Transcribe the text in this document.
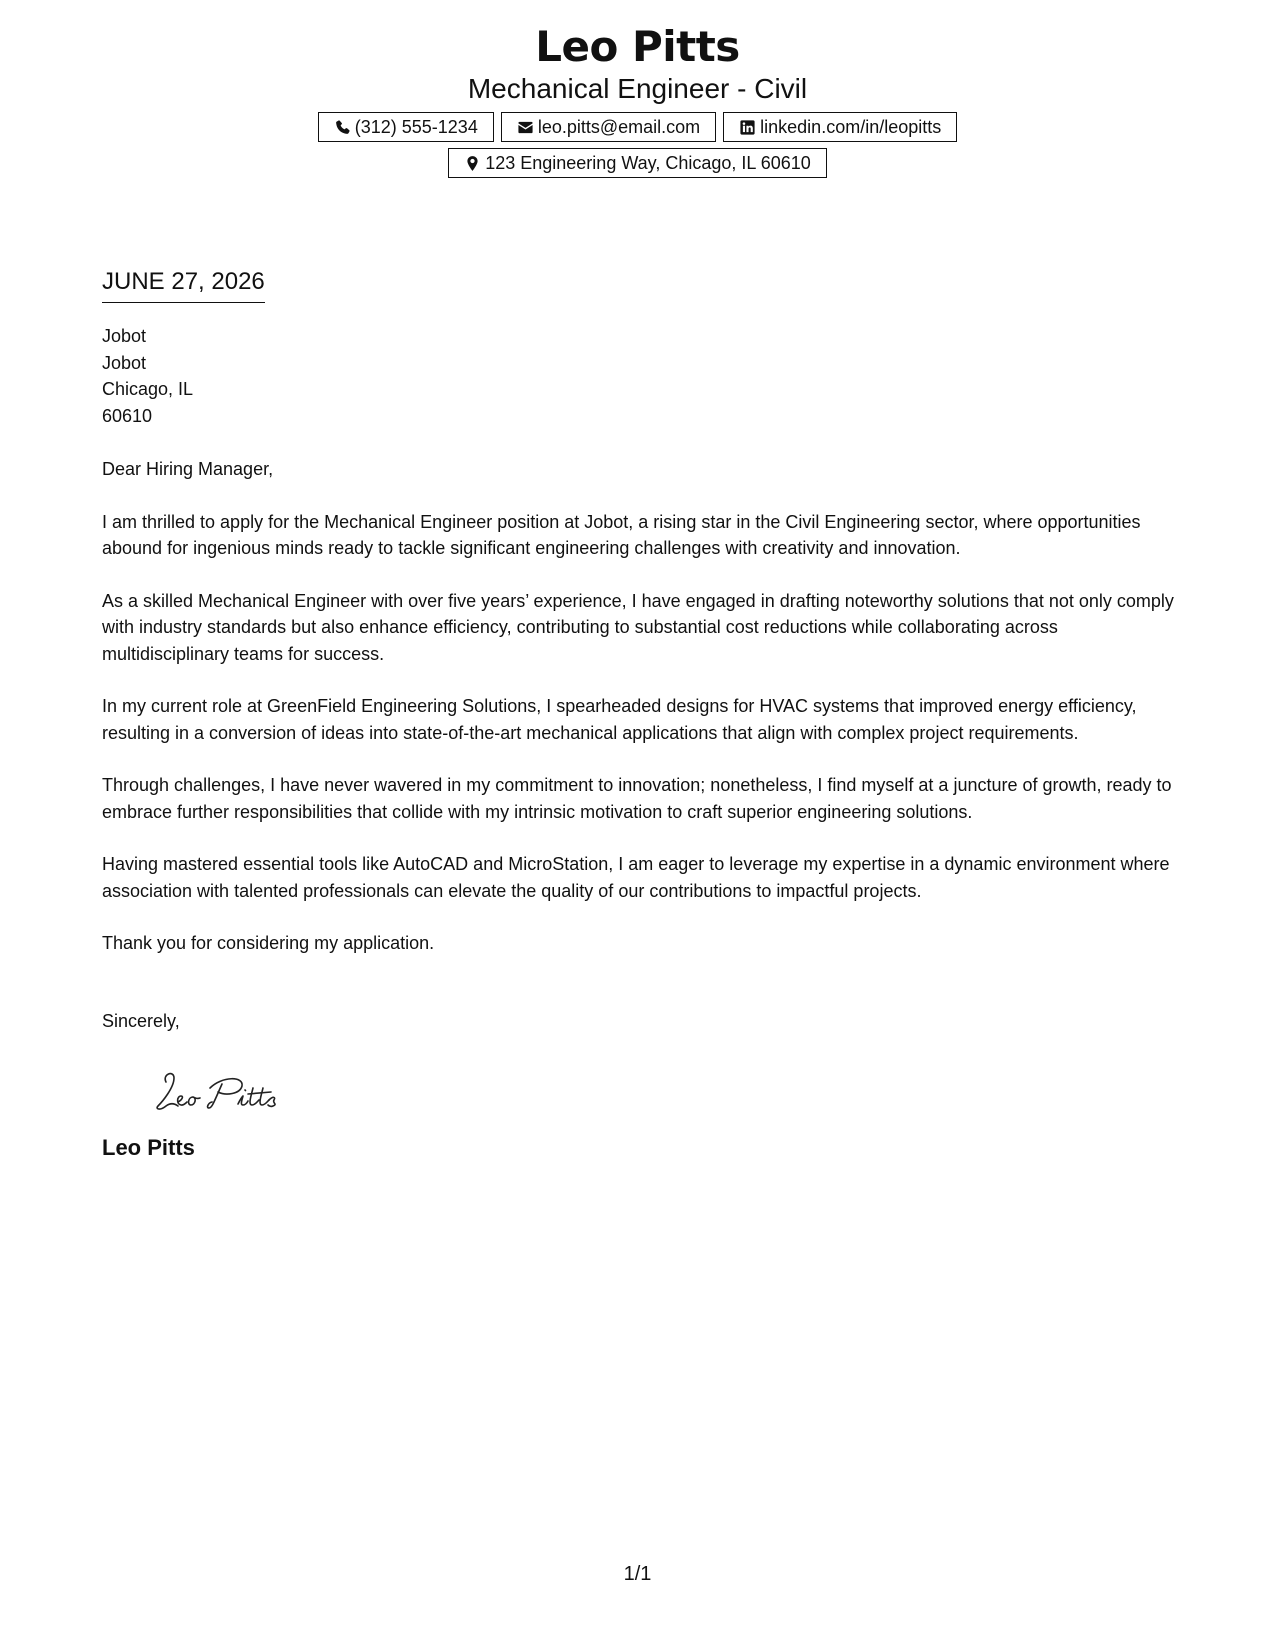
Leo Pitts
Mechanical Engineer - Civil
(312) 555-1234	leo.pitts@email.com	linkedin.com/in/leopitts
123 Engineering Way, Chicago, IL 60610
JUNE 27, 2026
Jobot
Jobot
Chicago, IL
60610
Dear Hiring Manager,
I am thrilled to apply for the Mechanical Engineer position at Jobot, a rising star in the Civil Engineering sector, where opportunities abound for ingenious minds ready to tackle significant engineering challenges with creativity and innovation.
As a skilled Mechanical Engineer with over five years’ experience, I have engaged in drafting noteworthy solutions that not only comply with industry standards but also enhance efficiency, contributing to substantial cost reductions while collaborating across multidisciplinary teams for success.
In my current role at GreenField Engineering Solutions, I spearheaded designs for HVAC systems that improved energy efficiency, resulting in a conversion of ideas into state-of-the-art mechanical applications that align with complex project requirements.
Through challenges, I have never wavered in my commitment to innovation; nonetheless, I find myself at a juncture of growth, ready to embrace further responsibilities that collide with my intrinsic motivation to craft superior engineering solutions.
Having mastered essential tools like AutoCAD and MicroStation, I am eager to leverage my expertise in a dynamic environment where association with talented professionals can elevate the quality of our contributions to impactful projects.
Thank you for considering my application.
Sincerely,
Leo Pitts
1/1
